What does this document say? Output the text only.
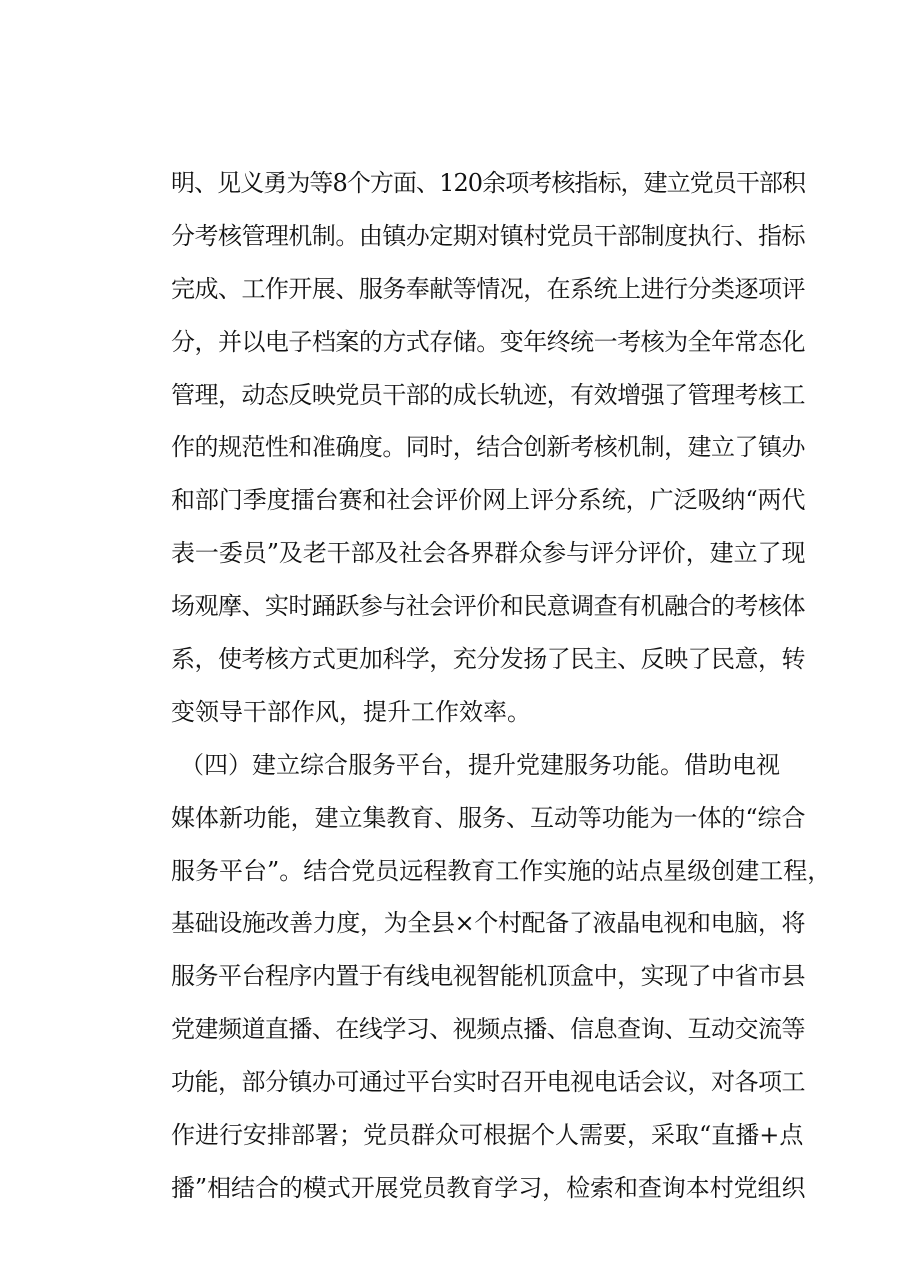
明、见义勇为等8个方面、120余项考核指标，建立党员干部积
分考核管理机制。由镇办定期对镇村党员干部制度执行、指标
完成、工作开展、服务奉献等情况，在系统上进行分类逐项评
分，并以电子档案的方式存储。变年终统一考核为全年常态化
管理，动态反映党员干部的成长轨迹，有效增强了管理考核工
作的规范性和准确度。同时，结合创新考核机制，建立了镇办
和部门季度擂台赛和社会评价网上评分系统，广泛吸纳“两代
表一委员”及老干部及社会各界群众参与评分评价，建立了现
场观摩、实时踊跃参与社会评价和民意调查有机融合的考核体
系，使考核方式更加科学，充分发扬了民主、反映了民意，转
变领导干部作风，提升工作效率。
（四）建立综合服务平台，提升党建服务功能。借助电视
媒体新功能，建立集教育、服务、互动等功能为一体的“综合
服务平台”。结合党员远程教育工作实施的站点星级创建工程，
基础设施改善力度，为全县×个村配备了液晶电视和电脑，将
服务平台程序内置于有线电视智能机顶盒中，实现了中省市县
党建频道直播、在线学习、视频点播、信息查询、互动交流等
功能，部分镇办可通过平台实时召开电视电话会议，对各项工
作进行安排部署；党员群众可根据个人需要，采取“直播+点
播”相结合的模式开展党员教育学习，检索和查询本村党组织
